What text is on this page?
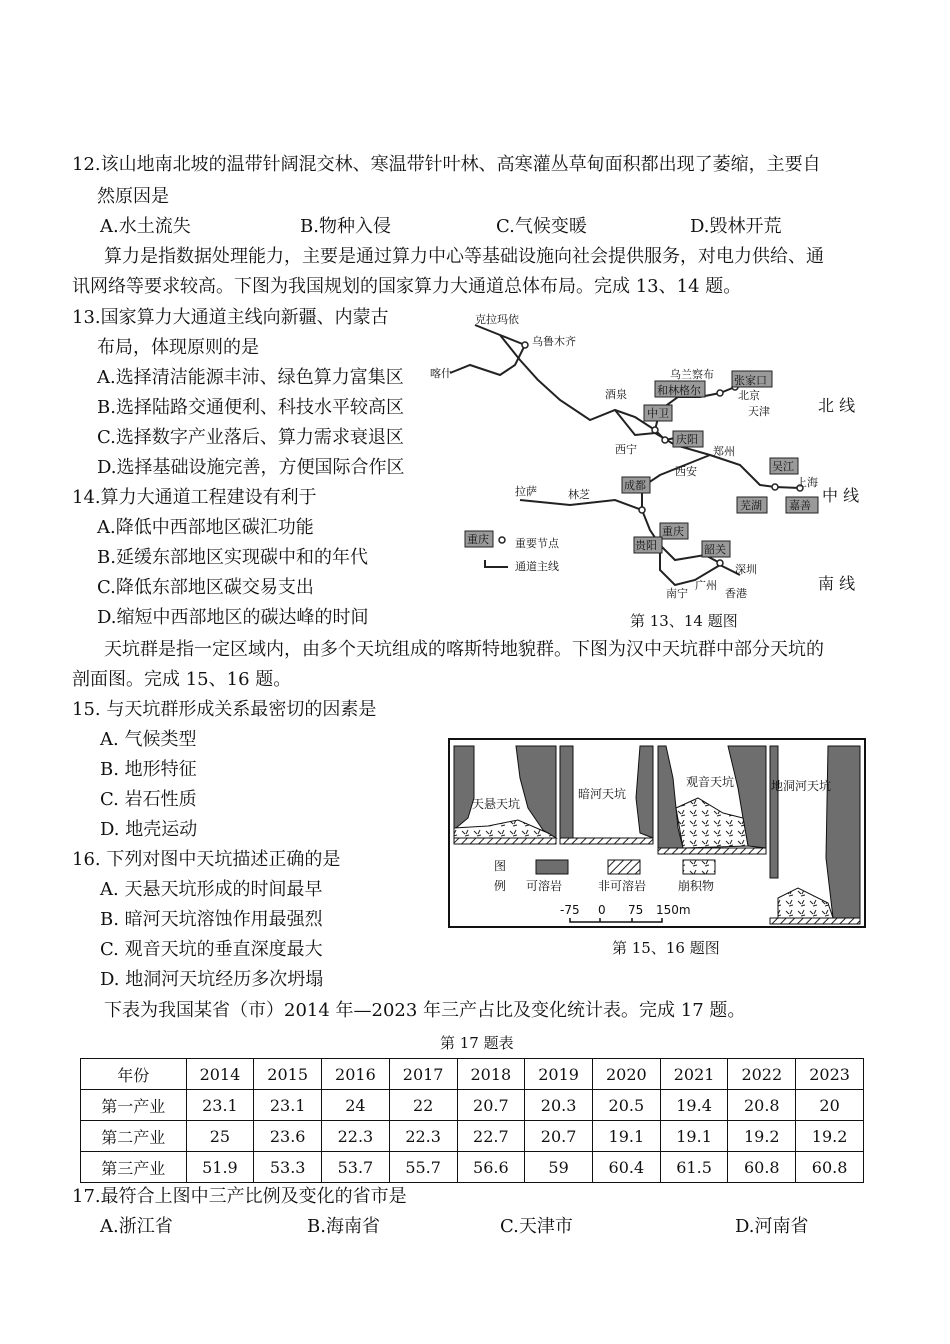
12.该山地南北坡的温带针阔混交林、寒温带针叶林、高寒灌丛草甸面积都出现了萎缩，主要自
然原因是
A.水土流失	B.物种入侵	C.气候变暖	D.毁林开荒
算力是指数据处理能力，主要是通过算力中心等基础设施向社会提供服务，对电力供给、通
讯网络等要求较高。下图为我国规划的国家算力大通道总体布局。完成 13、14 题。
13.国家算力大通道主线向新疆、内蒙古
布局，体现原则的是
A.选择清洁能源丰沛、绿色算力富集区
B.选择陆路交通便利、科技水平较高区
C.选择数字产业落后、算力需求衰退区
D.选择基础设施完善，方便国际合作区
14.算力大通道工程建设有利于
A.降低中西部地区碳汇功能
B.延缓东部地区实现碳中和的年代
C.降低东部地区碳交易支出
D.缩短中西部地区的碳达峰的时间
克拉玛依
乌鲁木齐
喀什
酒泉
乌兰察布
和林格尔
张家口
北京
天津
中卫
西宁
庆阳
西安
郑州
拉萨	林芝
成都
重庆
吴江
上海
芜湖 嘉善
贵阳	韶关
深圳
广州
南宁	香港
重庆 重要节点
通道主线
北 线
中 线
南 线
第 13、14 题图
天坑群是指一定区域内，由多个天坑组成的喀斯特地貌群。下图为汉中天坑群中部分天坑的
剖面图。完成 15、16 题。
15. 与天坑群形成关系最密切的因素是
A. 气候类型
B. 地形特征
C. 岩石性质
D. 地壳运动
16. 下列对图中天坑描述正确的是
A. 天悬天坑形成的时间最早
B. 暗河天坑溶蚀作用最强烈
C. 观音天坑的垂直深度最大
D. 地洞河天坑经历多次坍塌
天悬天坑
暗河天坑
观音天坑	地洞河天坑
图
例 可溶岩	非可溶岩	崩积物
-75 0 75 150m
第 15、16 题图
下表为我国某省（市）2014 年—2023 年三产占比及变化统计表。完成 17 题。
第 17 题表
年份	2014	2015	2016	2017	2018	2019	2020	2021	2022	2023
第一产业	23.1	23.1	24	22	20.7	20.3	20.5	19.4	20.8	20
第二产业	25	23.6	22.3	22.3	22.7	20.7	19.1	19.1	19.2	19.2
第三产业	51.9	53.3	53.7	55.7	56.6	59	60.4	61.5	60.8	60.8
17.最符合上图中三产比例及变化的省市是
A.浙江省	B.海南省	C.天津市	D.河南省
